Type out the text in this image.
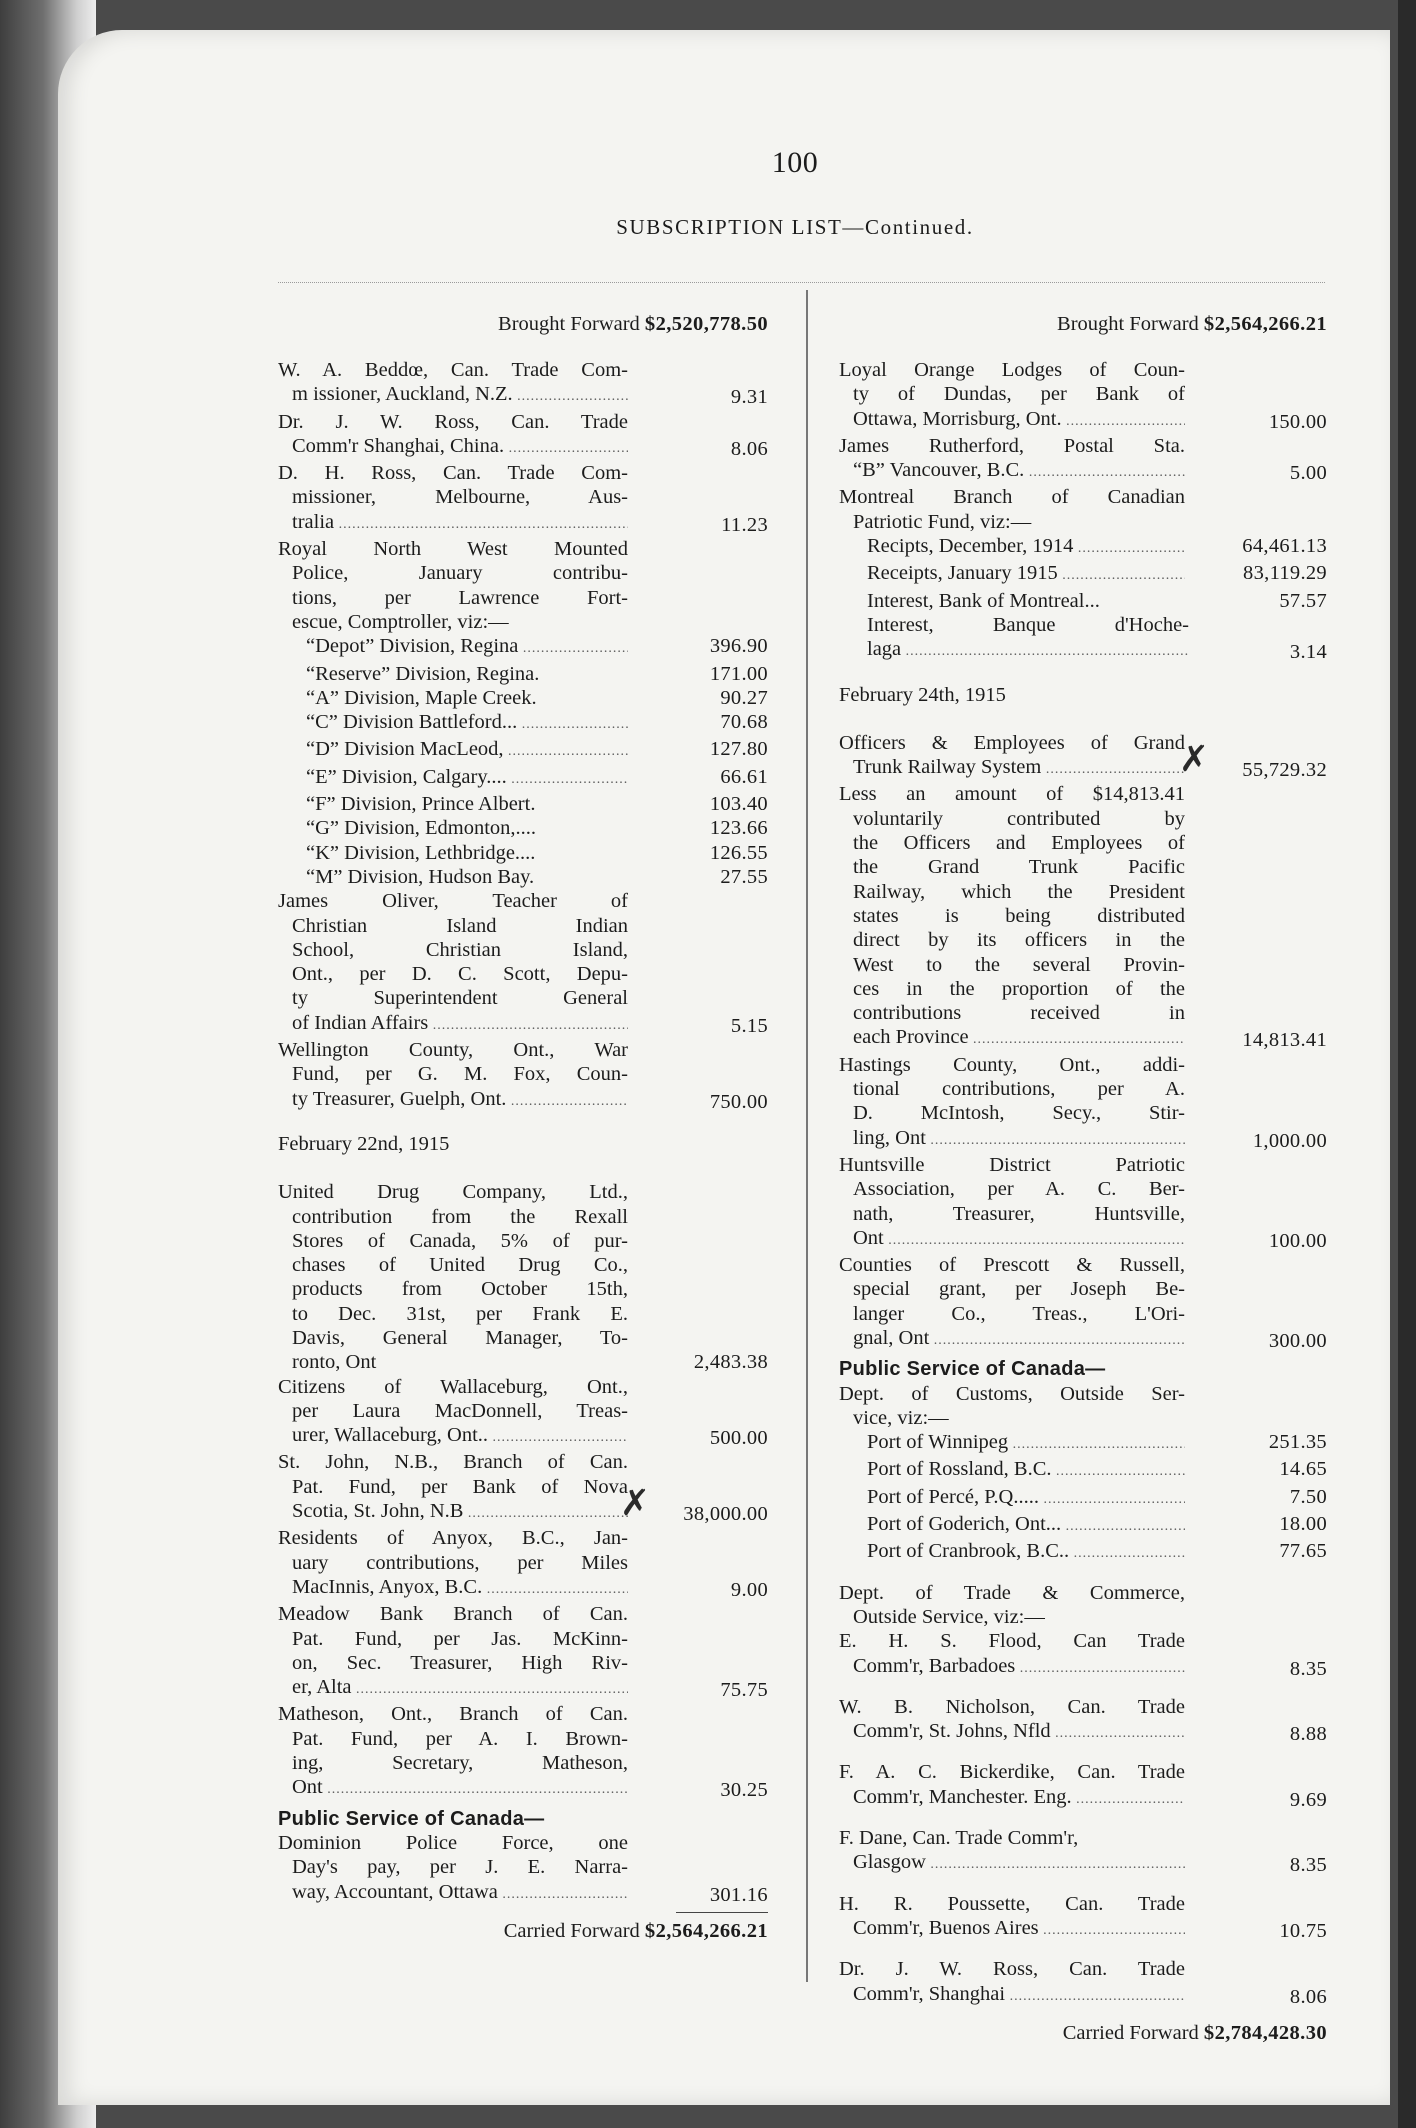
100
SUBSCRIPTION LIST—Continued.
Brought Forward $2,520,778.50
W. A. Beddœ, Can. Trade Com-
m issioner, Auckland, N.Z. .....	9.31
Dr. J. W. Ross, Can. Trade
Comm'r Shanghai, China. .....	8.06
D. H. Ross, Can. Trade Com-
missioner, Melbourne, Aus-
tralia .....	11.23
Royal North West Mounted
Police, January contribu-
tions, per Lawrence Fort-
escue, Comptroller, viz:—
“Depot” Division, Regina .....	396.90
“Reserve” Division, Regina.	171.00
“A” Division, Maple Creek.	90.27
“C” Division Battleford... .....	70.68
“D” Division MacLeod, .....	127.80
“E” Division, Calgary.... .....	66.61
“F” Division, Prince Albert.	103.40
“G” Division, Edmonton,....	123.66
“K” Division, Lethbridge....	126.55
“M” Division, Hudson Bay.	27.55
James Oliver, Teacher of
Christian Island Indian
School, Christian Island,
Ont., per D. C. Scott, Depu-
ty Superintendent General
of Indian Affairs .....	5.15
Wellington County, Ont., War
Fund, per G. M. Fox, Coun-
ty Treasurer, Guelph, Ont. .....	750.00
February 22nd, 1915
United Drug Company, Ltd.,
contribution from the Rexall
Stores of Canada, 5% of pur-
chases of United Drug Co.,
products from October 15th,
to Dec. 31st, per Frank E.
Davis, General Manager, To-
ronto, Ont	2,483.38
Citizens of Wallaceburg, Ont.,
per Laura MacDonnell, Treas-
urer, Wallaceburg, Ont.. .....	500.00
St. John, N.B., Branch of Can.
Pat. Fund, per Bank of Nova
Scotia, St. John, N.B .....	38,000.00
✗
Residents of Anyox, B.C., Jan-
uary contributions, per Miles
MacInnis, Anyox, B.C. .....	9.00
Meadow Bank Branch of Can.
Pat. Fund, per Jas. McKinn-
on, Sec. Treasurer, High Riv-
er, Alta .....	75.75
Matheson, Ont., Branch of Can.
Pat. Fund, per A. I. Brown-
ing, Secretary, Matheson,
Ont .....	30.25
Public Service of Canada—
Dominion Police Force, one
Day's pay, per J. E. Narra-
way, Accountant, Ottawa .....	301.16
Carried Forward $2,564,266.21
Brought Forward $2,564,266.21
Loyal Orange Lodges of Coun-
ty of Dundas, per Bank of
Ottawa, Morrisburg, Ont. .....	150.00
James Rutherford, Postal Sta.
“B” Vancouver, B.C. .....	5.00
Montreal Branch of Canadian
Patriotic Fund, viz:—
Recipts, December, 1914 .....	64,461.13
Receipts, January 1915 .....	83,119.29
Interest, Bank of Montreal...	57.57
Interest, Banque d'Hoche-
laga .....	3.14
February 24th, 1915
Officers & Employees of Grand
Trunk Railway System .....	55,729.32
✗
Less an amount of $14,813.41
voluntarily contributed by
the Officers and Employees of
the Grand Trunk Pacific
Railway, which the President
states is being distributed
direct by its officers in the
West to the several Provin-
ces in the proportion of the
contributions received in
each Province .....	14,813.41
Hastings County, Ont., addi-
tional contributions, per A.
D. McIntosh, Secy., Stir-
ling, Ont .....	1,000.00
Huntsville District Patriotic
Association, per A. C. Ber-
nath, Treasurer, Huntsville,
Ont .....	100.00
Counties of Prescott & Russell,
special grant, per Joseph Be-
langer Co., Treas., L'Ori-
gnal, Ont .....	300.00
Public Service of Canada—
Dept. of Customs, Outside Ser-
vice, viz:—
Port of Winnipeg .....	251.35
Port of Rossland, B.C. .....	14.65
Port of Percé, P.Q..... .....	7.50
Port of Goderich, Ont... .....	18.00
Port of Cranbrook, B.C.. .....	77.65
Dept. of Trade & Commerce,
Outside Service, viz:—
E. H. S. Flood, Can Trade
Comm'r, Barbadoes .....	8.35
W. B. Nicholson, Can. Trade
Comm'r, St. Johns, Nfld .....	8.88
F. A. C. Bickerdike, Can. Trade
Comm'r, Manchester. Eng. .....	9.69
F. Dane, Can. Trade Comm'r,
Glasgow .....	8.35
H. R. Poussette, Can. Trade
Comm'r, Buenos Aires .....	10.75
Dr. J. W. Ross, Can. Trade
Comm'r, Shanghai .....	8.06
Carried Forward $2,784,428.30
